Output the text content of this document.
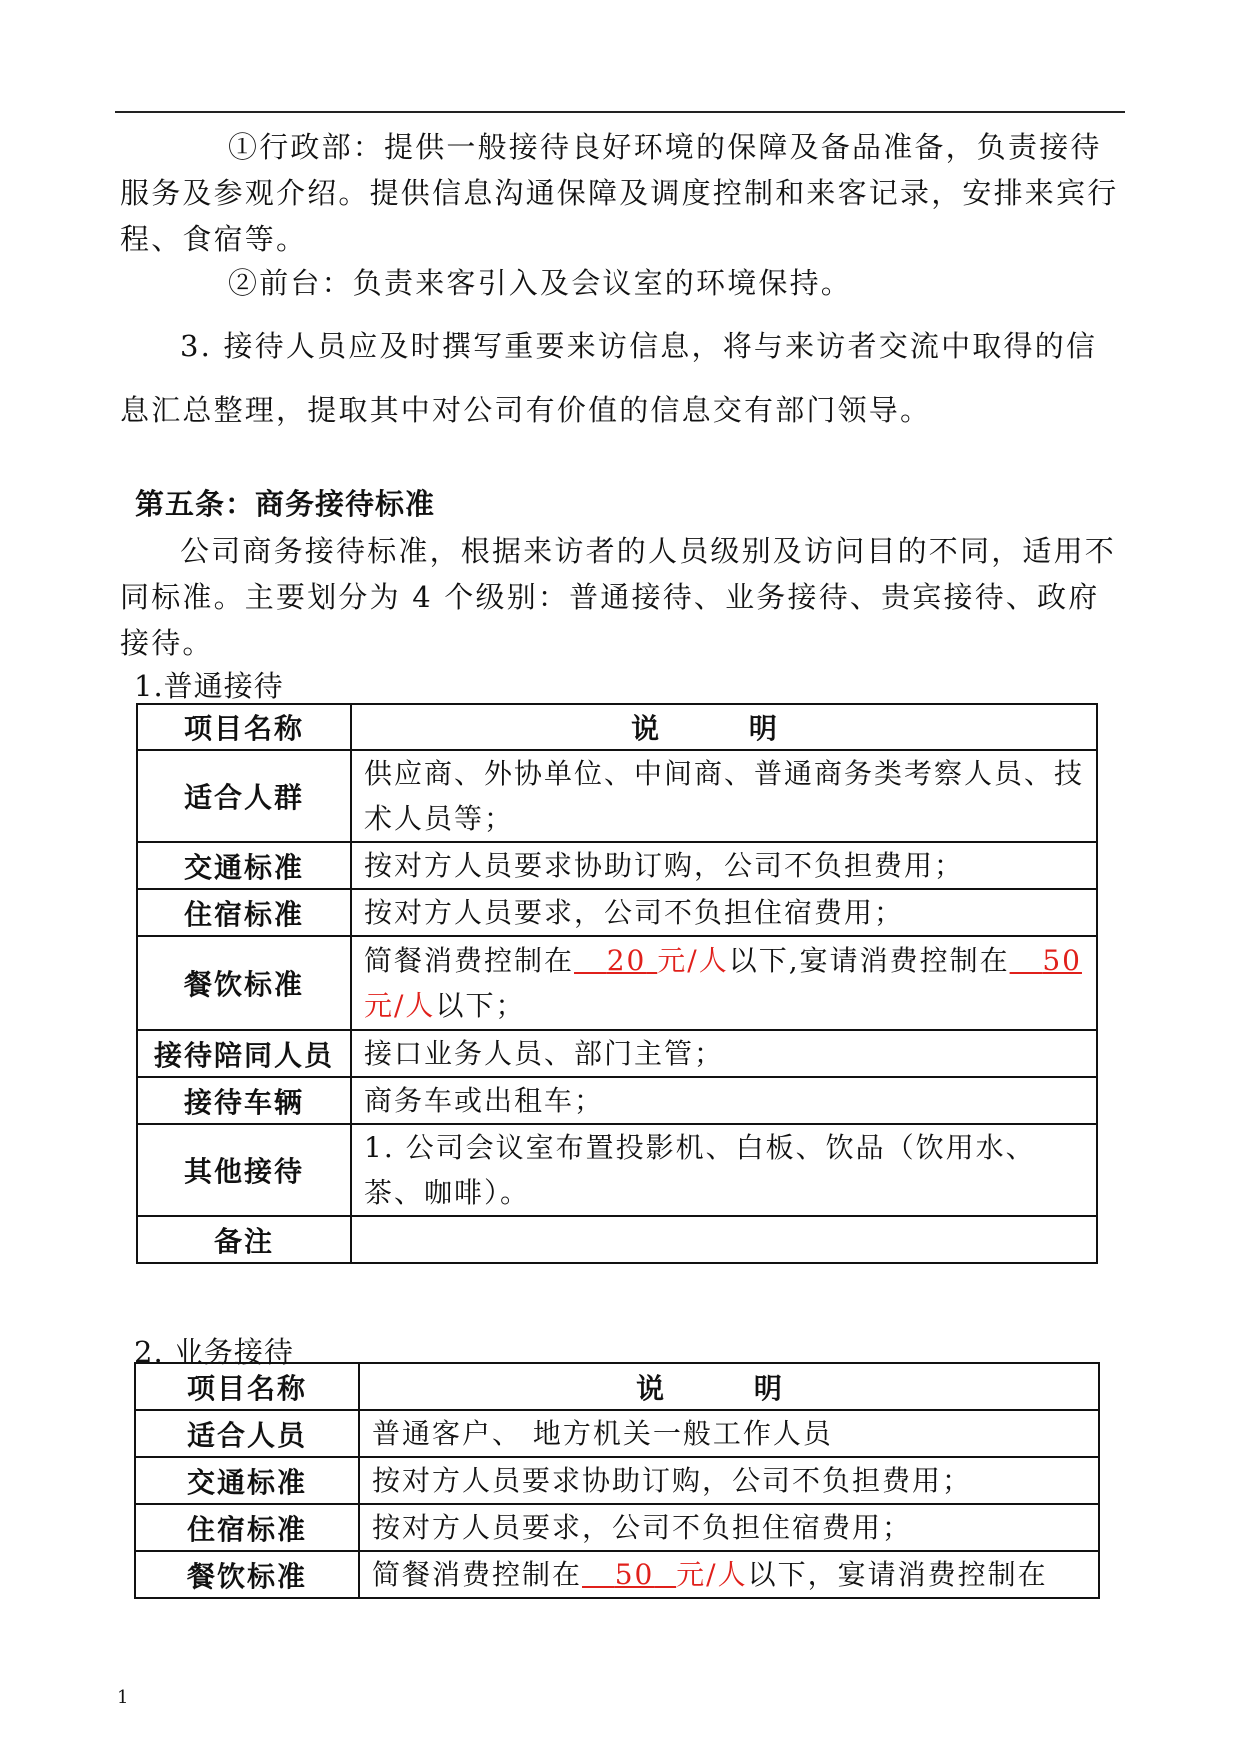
①行政部：提供一般接待良好环境的保障及备品准备，负责接待服务及参观介绍。提供信息沟通保障及调度控制和来客记录，安排来宾行程、食宿等。

②前台：负责来客引入及会议室的环境保持。

3. 接待人员应及时撰写重要来访信息，将与来访者交流中取得的信息汇总整理，提取其中对公司有价值的信息交有部门领导。

第五条：商务接待标准

公司商务接待标准，根据来访者的人员级别及访问目的不同，适用不同标准。主要划分为 4 个级别：普通接待、业务接待、贵宾接待、政府接待。

1.普通接待

项目名称	说 明
适合人群	供应商、外协单位、中间商、普通商务类考察人员、技术人员等；
交通标准	按对方人员要求协助订购，公司不负担费用；
住宿标准	按对方人员要求，公司不负担住宿费用；
餐饮标准	简餐消费控制在 20 元/人以下,宴请消费控制在 50元/人以下；
接待陪同人员	接口业务人员、部门主管；
接待车辆	商务车或出租车；
其他接待	1. 公司会议室布置投影机、白板、饮品（饮用水、茶、咖啡）。
备注	

2. 业务接待

项目名称	说 明
适合人员	普通客户、 地方机关一般工作人员
交通标准	按对方人员要求协助订购，公司不负担费用；
住宿标准	按对方人员要求，公司不负担住宿费用；
餐饮标准	简餐消费控制在 50 元/人以下，宴请消费控制在
1
